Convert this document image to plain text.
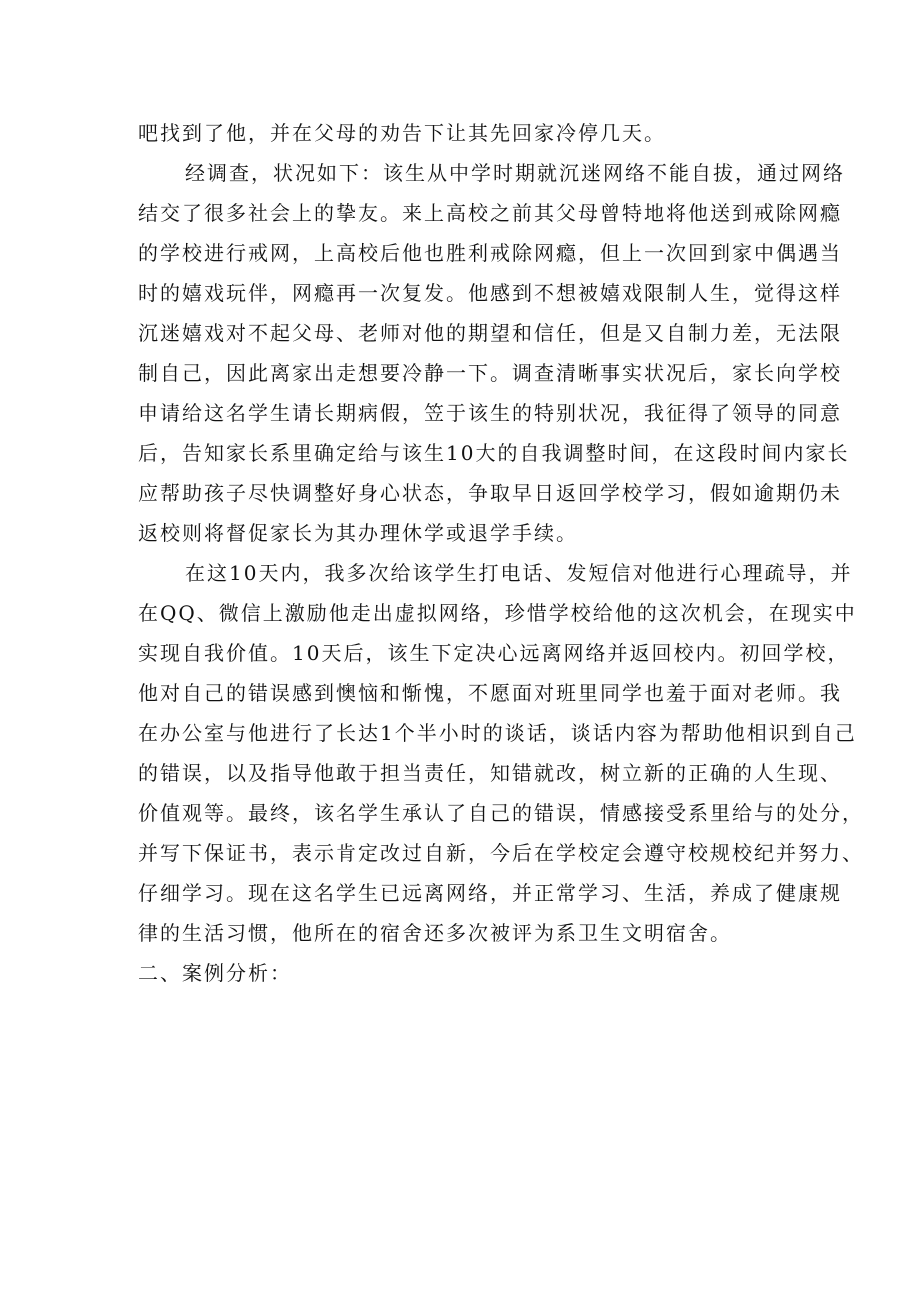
吧找到了他，并在父母的劝告下让其先回家冷停几天。
经调查，状况如下：该生从中学时期就沉迷网络不能自拔，通过网络
结交了很多社会上的挚友。来上高校之前其父母曾特地将他送到戒除网瘾
的学校进行戒网，上高校后他也胜利戒除网瘾，但上一次回到家中偶遇当
时的嬉戏玩伴，网瘾再一次复发。他感到不想被嬉戏限制人生，觉得这样
沉迷嬉戏对不起父母、老师对他的期望和信任，但是又自制力差，无法限
制自己，因此离家出走想要冷静一下。调查清晰事实状况后，家长向学校
申请给这名学生请长期病假，笠于该生的特别状况，我征得了领导的同意
后，告知家长系里确定给与该生10大的自我调整时间，在这段时间内家长
应帮助孩子尽快调整好身心状态，争取早日返回学校学习，假如逾期仍未
返校则将督促家长为其办理休学或退学手续。
在这10天内，我多次给该学生打电话、发短信对他进行心理疏导，并
在QQ、微信上激励他走出虚拟网络，珍惜学校给他的这次机会，在现实中
实现自我价值。10天后，该生下定决心远离网络并返回校内。初回学校，
他对自己的错误感到懊恼和惭愧，不愿面对班里同学也羞于面对老师。我
在办公室与他进行了长达1个半小时的谈话，谈话内容为帮助他相识到自己
的错误，以及指导他敢于担当责任，知错就改，树立新的正确的人生现、
价值观等。最终，该名学生承认了自己的错误，情感接受系里给与的处分，
并写下保证书，表示肯定改过自新，今后在学校定会遵守校规校纪并努力、
仔细学习。现在这名学生已远离网络，并正常学习、生活，养成了健康规
律的生活习惯，他所在的宿舍还多次被评为系卫生文明宿舍。
二、案例分析：
